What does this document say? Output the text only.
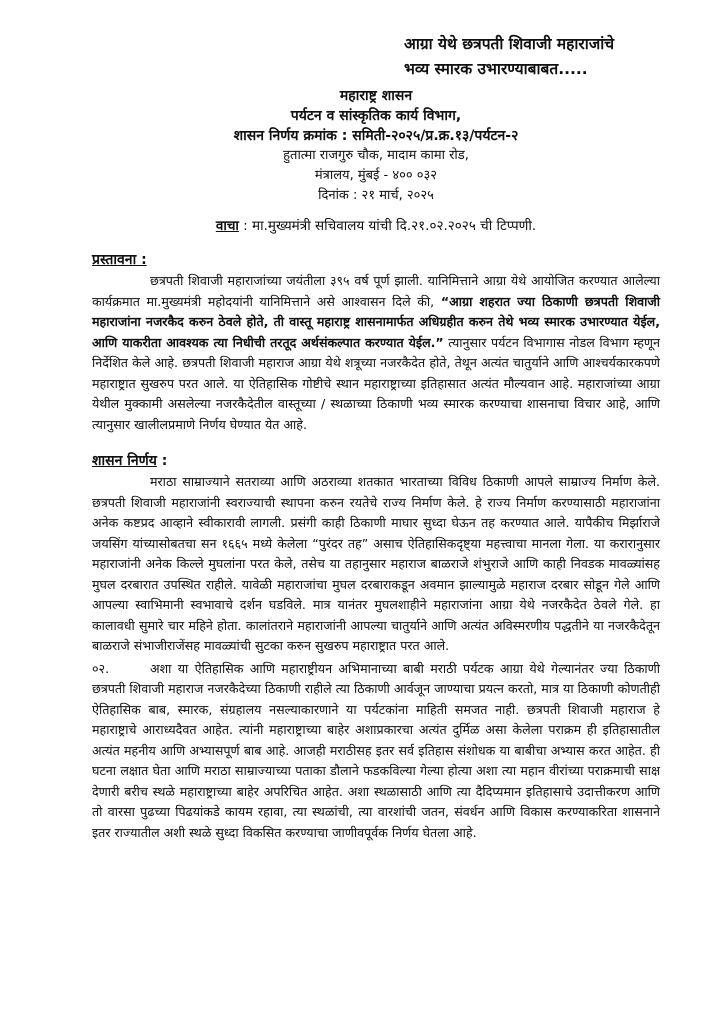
आग्रा येथे छत्रपती शिवाजी महाराजांचे
भव्य स्मारक उभारण्याबाबत.....
महाराष्ट्र शासन
पर्यटन व सांस्कृतिक कार्य विभाग,
शासन निर्णय क्रमांक : समिती-२०२५/प्र.क्र.१३/पर्यटन-२
हुतात्मा राजगुरु चौक, मादाम कामा रोड,
मंत्रालय, मुंबई - ४०० ०३२
दिनांक : २१ मार्च, २०२५
वाचा : मा.मुख्यमंत्री सचिवालय यांची दि.२१.०२.२०२५ ची टिप्पणी.
प्रस्तावना :

छत्रपती शिवाजी महाराजांच्या जयंतीला ३९५ वर्ष पूर्ण झाली. यानिमित्ताने आग्रा येथे आयोजित करण्यात आलेल्या कार्यक्रमात मा.मुख्यमंत्री महोदयांनी यानिमित्ताने असे आश्वासन दिले की, “आग्रा शहरात ज्या ठिकाणी छत्रपती शिवाजी महाराजांना नजरकैद करुन ठेवले होते, ती वास्तू महाराष्ट्र शासनामार्फत अधिग्रहीत करुन तेथे भव्य स्मारक उभारण्यात येईल, आणि याकरीता आवश्यक त्या निधीची तरतूद अर्थसंकल्पात करण्यात येईल.” त्यानुसार पर्यटन विभागास नोडल विभाग म्हणून निर्देशित केले आहे. छत्रपती शिवाजी महाराज आग्रा येथे शत्रूच्या नजरकैदेत होते, तेथून अत्यंत चातुर्याने आणि आश्चर्यकारकपणे महाराष्ट्रात सुखरुप परत आले. या ऐतिहासिक गोष्टीचे स्थान महाराष्ट्राच्या इतिहासात अत्यंत मौल्यवान आहे. महाराजांच्या आग्रा येथील मुक्कामी असलेल्या नजरकैदेतील वास्तूच्या / स्थळाच्या ठिकाणी भव्य स्मारक करण्याचा शासनाचा विचार आहे, आणि त्यानुसार खालीलप्रमाणे निर्णय घेण्यात येत आहे.

शासन निर्णय :

मराठा साम्राज्याने सतराव्या आणि अठराव्या शतकात भारताच्या विविध ठिकाणी आपले साम्राज्य निर्माण केले. छत्रपती शिवाजी महाराजांनी स्वराज्याची स्थापना करुन रयतेचे राज्य निर्माण केले. हे राज्य निर्माण करण्यासाठी महाराजांना अनेक कष्टप्रद आव्हाने स्वीकारावी लागली. प्रसंगी काही ठिकाणी माघार सुध्दा घेऊन तह करण्यात आले. यापैकीच मिर्झाराजे जयसिंग यांच्यासोबतचा सन १६६५ मध्ये केलेला “पुरंदर तह” असाच ऐतिहासिकदृष्ट्या महत्त्वाचा मानला गेला. या करारानुसार महाराजांनी अनेक किल्ले मुघलांना परत केले, तसेच या तहानुसार महाराज बाळराजे शंभुराजे आणि काही निवडक मावळ्यांसह मुघल दरबारात उपस्थित राहीले. यावेळी महाराजांचा मुघल दरबाराकडून अवमान झाल्यामुळे महाराज दरबार सोडून गेले आणि आपल्या स्वाभिमानी स्वभावाचे दर्शन घडविले. मात्र यानंतर मुघलशाहीने महाराजांना आग्रा येथे नजरकैदेत ठेवले गेले. हा कालावधी सुमारे चार महिने होता. कालांतराने महाराजांनी आपल्या चातुर्याने आणि अत्यंत अविस्मरणीय पद्धतीने या नजरकैदेतून बाळराजे संभाजीराजेंसह मावळ्यांची सुटका करुन सुखरुप महाराष्ट्रात परत आले.

०२.	अशा या ऐतिहासिक आणि महाराष्ट्रीयन अभिमानाच्या बाबी मराठी पर्यटक आग्रा येथे गेल्यानंतर ज्या ठिकाणी छत्रपती शिवाजी महाराज नजरकैदेच्या ठिकाणी राहीले त्या ठिकाणी आर्वजून जाण्याचा प्रयत्न करतो, मात्र या ठिकाणी कोणतीही ऐतिहासिक बाब, स्मारक, संग्रहालय नसल्याकारणाने या पर्यटकांना माहिती समजत नाही. छत्रपती शिवाजी महाराज हे महाराष्ट्राचे आराध्यदैवत आहेत. त्यांनी महाराष्ट्राच्या बाहेर अशाप्रकारचा अत्यंत दुर्मिळ असा केलेला पराक्रम ही इतिहासातील अत्यंत महनीय आणि अभ्यासपूर्ण बाब आहे. आजही मराठीसह इतर सर्व इतिहास संशोधक या बाबीचा अभ्यास करत आहेत. ही घटना लक्षात घेता आणि मराठा साम्राज्याच्या पताका डौलाने फडकविल्या गेल्या होत्या अशा त्या महान वीरांच्या पराक्रमाची साक्ष देणारी बरीच स्थळे महाराष्ट्राच्या बाहेर अपरिचित आहेत. अशा स्थळासाठी आणि त्या दैदिप्यमान इतिहासाचे उदात्तीकरण आणि तो वारसा पुढच्या पिढयांकडे कायम रहावा, त्या स्थळांची, त्या वारशांची जतन, संवर्धन आणि विकास करण्याकरिता शासनाने इतर राज्यातील अशी स्थळे सुध्दा विकसित करण्याचा जाणीवपूर्वक निर्णय घेतला आहे.
